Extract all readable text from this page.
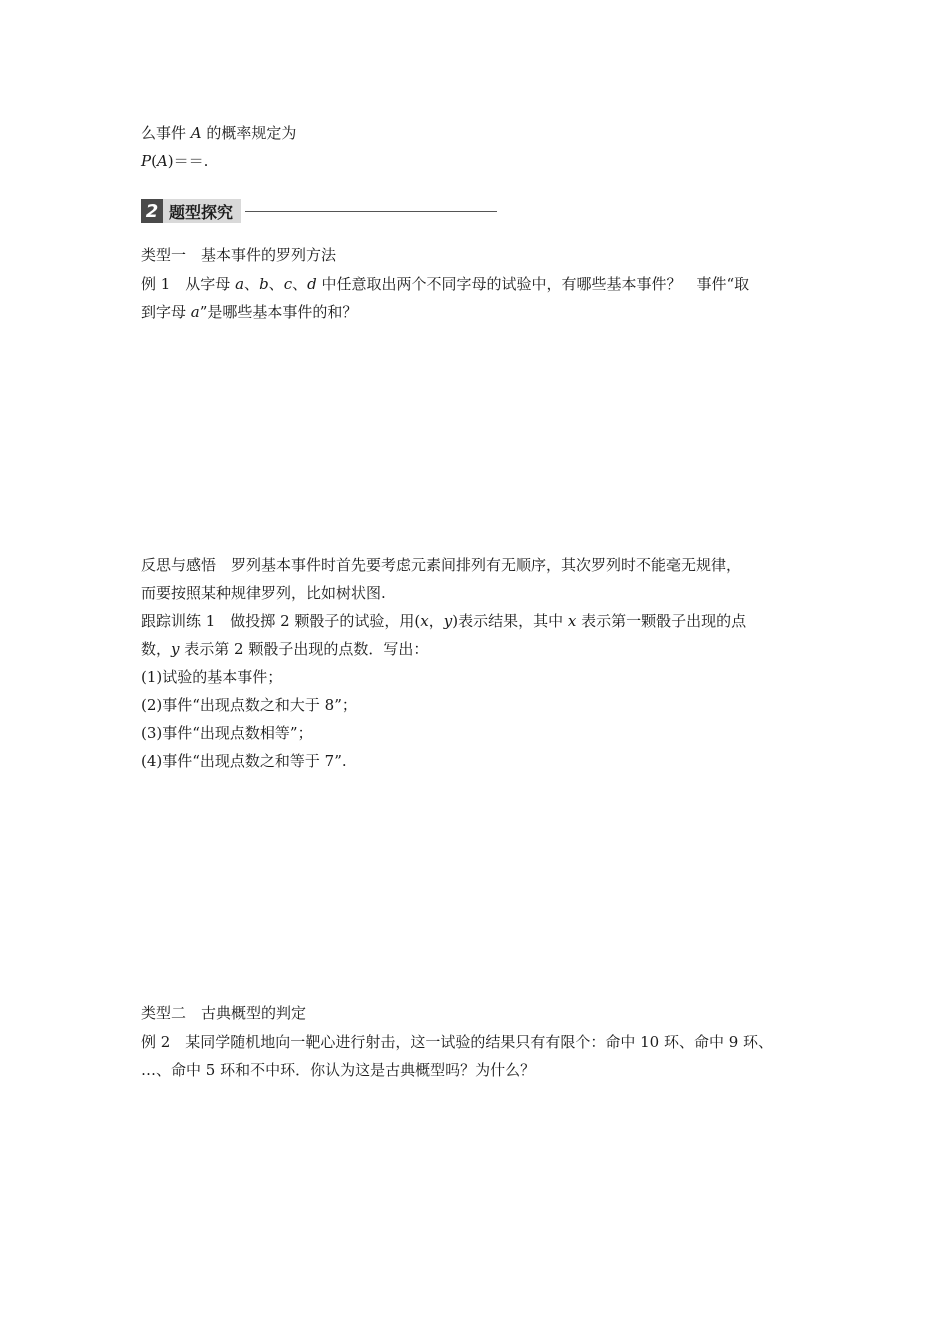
么事件 A 的概率规定为
P(A)＝＝.
2 题型探究
类型一　基本事件的罗列方法
例 1　从字母 a、b、c、d 中任意取出两个不同字母的试验中，有哪些基本事件？　事件“取
到字母 a”是哪些基本事件的和？
反思与感悟　罗列基本事件时首先要考虑元素间排列有无顺序，其次罗列时不能毫无规律，
而要按照某种规律罗列，比如树状图.
跟踪训练 1　做投掷 2 颗骰子的试验，用(x，y)表示结果，其中 x 表示第一颗骰子出现的点
数，y 表示第 2 颗骰子出现的点数．写出：
(1)试验的基本事件；
(2)事件“出现点数之和大于 8”；
(3)事件“出现点数相等”；
(4)事件“出现点数之和等于 7”.
类型二　古典概型的判定
例 2　某同学随机地向一靶心进行射击，这一试验的结果只有有限个：命中 10 环、命中 9 环、
…、命中 5 环和不中环．你认为这是古典概型吗？为什么？
